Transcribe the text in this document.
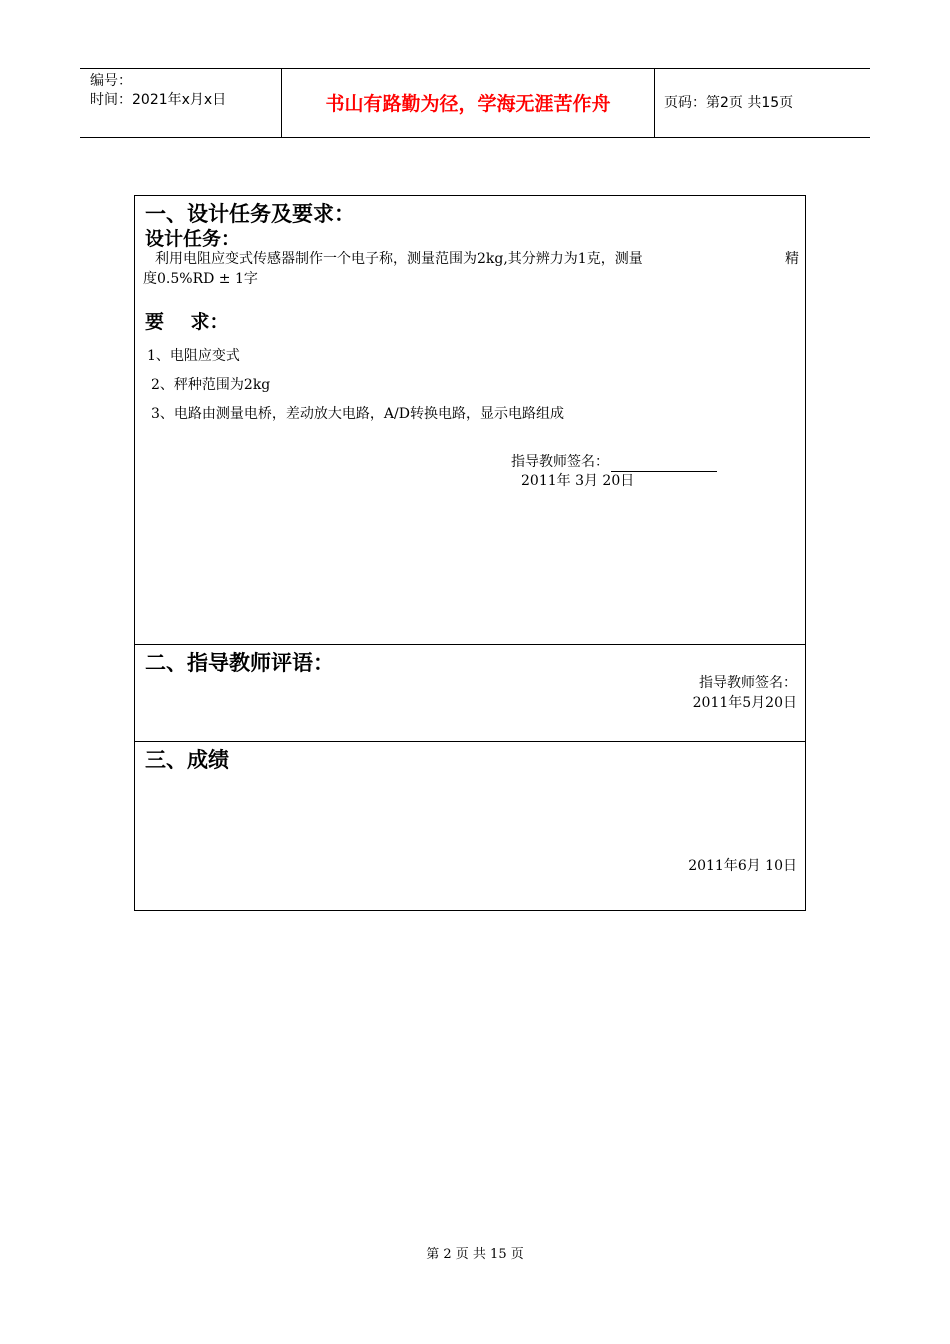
编号：
时间：2021年x月x日	书山有路勤为径，学海无涯苦作舟	页码：第2页 共15页
一、设计任务及要求：
设计任务：
利用电阻应变式传感器制作一个电子称，测量范围为2kg,其分辨力为1克，测量	精
度0.5%RD ± 1字
要    求：
1、电阻应变式
2、秤种范围为2kg
3、电路由测量电桥，差动放大电路，A/D转换电路，显示电路组成
指导教师签名：
2011年 3月 20日
二、指导教师评语：
指导教师签名：
2011年5月20日
三、成绩
2011年6月 10日
第 2 页 共 15 页
